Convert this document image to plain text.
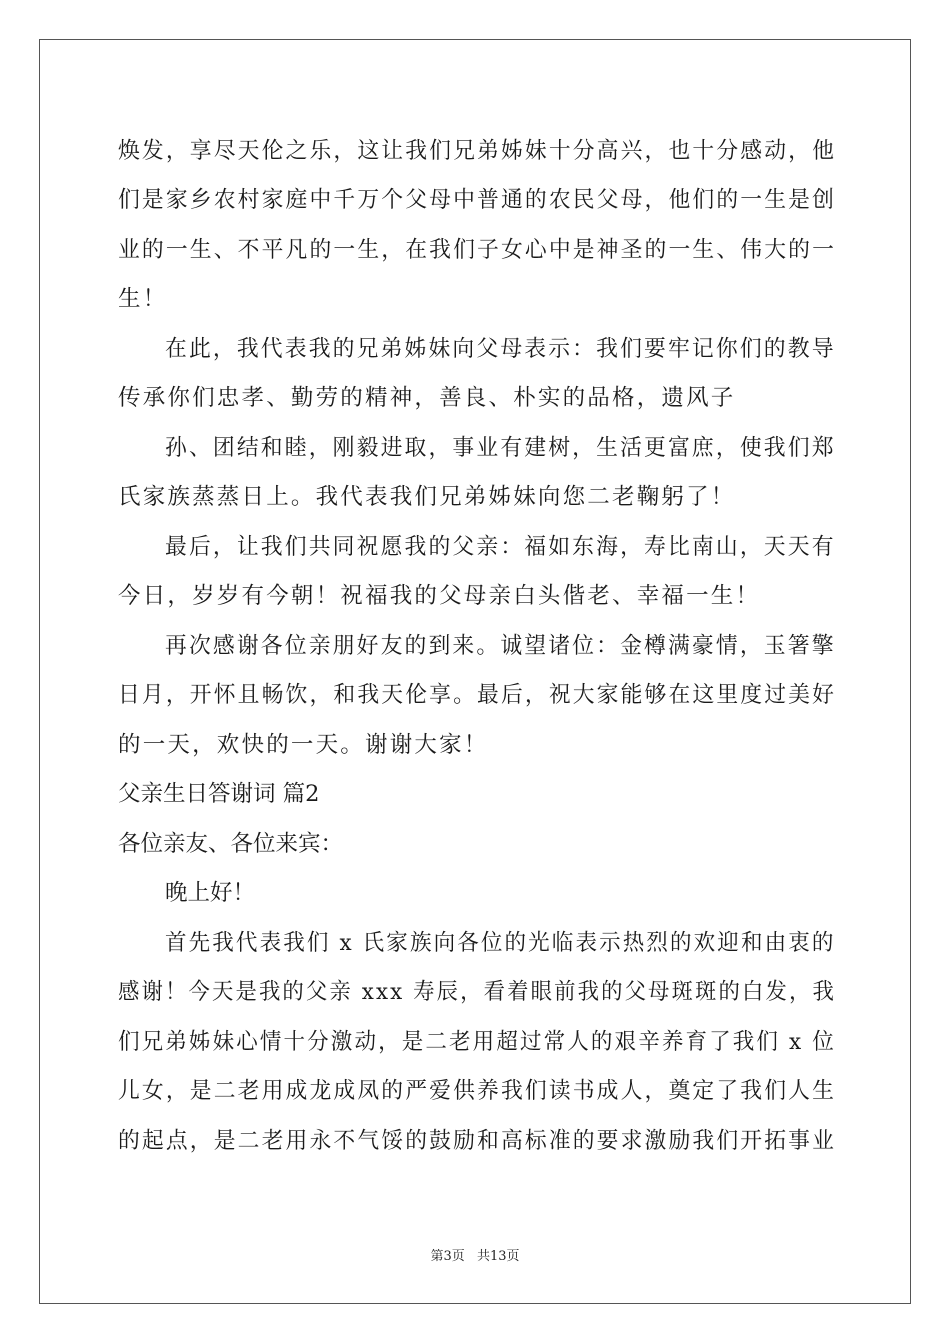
焕发，享尽天伦之乐，这让我们兄弟姊妹十分高兴，也十分感动，他
们是家乡农村家庭中千万个父母中普通的农民父母，他们的一生是创
业的一生、不平凡的一生，在我们子女心中是神圣的一生、伟大的一
生！
在此，我代表我的兄弟姊妹向父母表示：我们要牢记你们的教导
传承你们忠孝、勤劳的精神，善良、朴实的品格，遗风子
孙、团结和睦，刚毅进取，事业有建树，生活更富庶，使我们郑
氏家族蒸蒸日上。我代表我们兄弟姊妹向您二老鞠躬了！
最后，让我们共同祝愿我的父亲：福如东海，寿比南山，天天有
今日，岁岁有今朝！祝福我的父母亲白头偕老、幸福一生！
再次感谢各位亲朋好友的到来。诚望诸位：金樽满豪情，玉箸擎
日月，开怀且畅饮，和我天伦享。最后，祝大家能够在这里度过美好
的一天，欢快的一天。谢谢大家！
父亲生日答谢词 篇2
各位亲友、各位来宾：
晚上好！
首先我代表我们 x 氏家族向各位的光临表示热烈的欢迎和由衷的
感谢！今天是我的父亲 xxx 寿辰，看着眼前我的父母斑斑的白发，我
们兄弟姊妹心情十分激动，是二老用超过常人的艰辛养育了我们 x 位
儿女，是二老用成龙成凤的严爱供养我们读书成人，奠定了我们人生
的起点，是二老用永不气馁的鼓励和高标准的要求激励我们开拓事业
第3页 共13页
